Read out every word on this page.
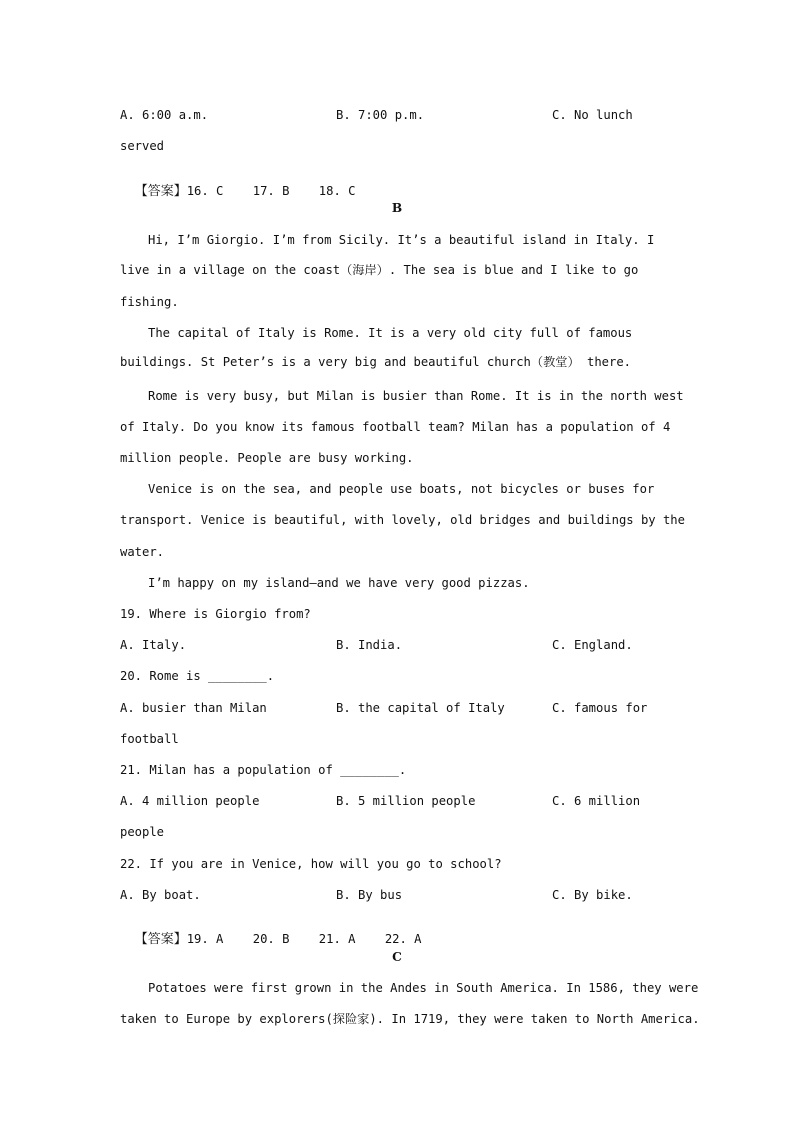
A. 6:00 a.m.	B. 7:00 p.m.	C. No lunch
served

【答案】16. C    17. B    18. C

B
Hi, I’m Giorgio. I’m from Sicily. It’s a beautiful island in Italy. I
live in a village on the coast（海岸）. The sea is blue and I like to go
fishing.
The capital of Italy is Rome. It is a very old city full of famous
buildings. St Peter’s is a very big and beautiful church（教堂） there.
Rome is very busy, but Milan is busier than Rome. It is in the north west
of Italy. Do you know its famous football team? Milan has a population of 4
million people. People are busy working.
Venice is on the sea, and people use boats, not bicycles or buses for
transport. Venice is beautiful, with lovely, old bridges and buildings by the
water.
I’m happy on my island—and we have very good pizzas.
19. Where is Giorgio from?
A. Italy.	B. India.	C. England.
20. Rome is ________.
A. busier than Milan	B. the capital of Italy	C. famous for
football
21. Milan has a population of ________.
A. 4 million people	B. 5 million people	C. 6 million
people
22. If you are in Venice, how will you go to school?
A. By boat.	B. By bus	C. By bike.

【答案】19. A    20. B    21. A    22. A

C
Potatoes were first grown in the Andes in South America. In 1586, they were
taken to Europe by explorers(探险家). In 1719, they were taken to North America.
